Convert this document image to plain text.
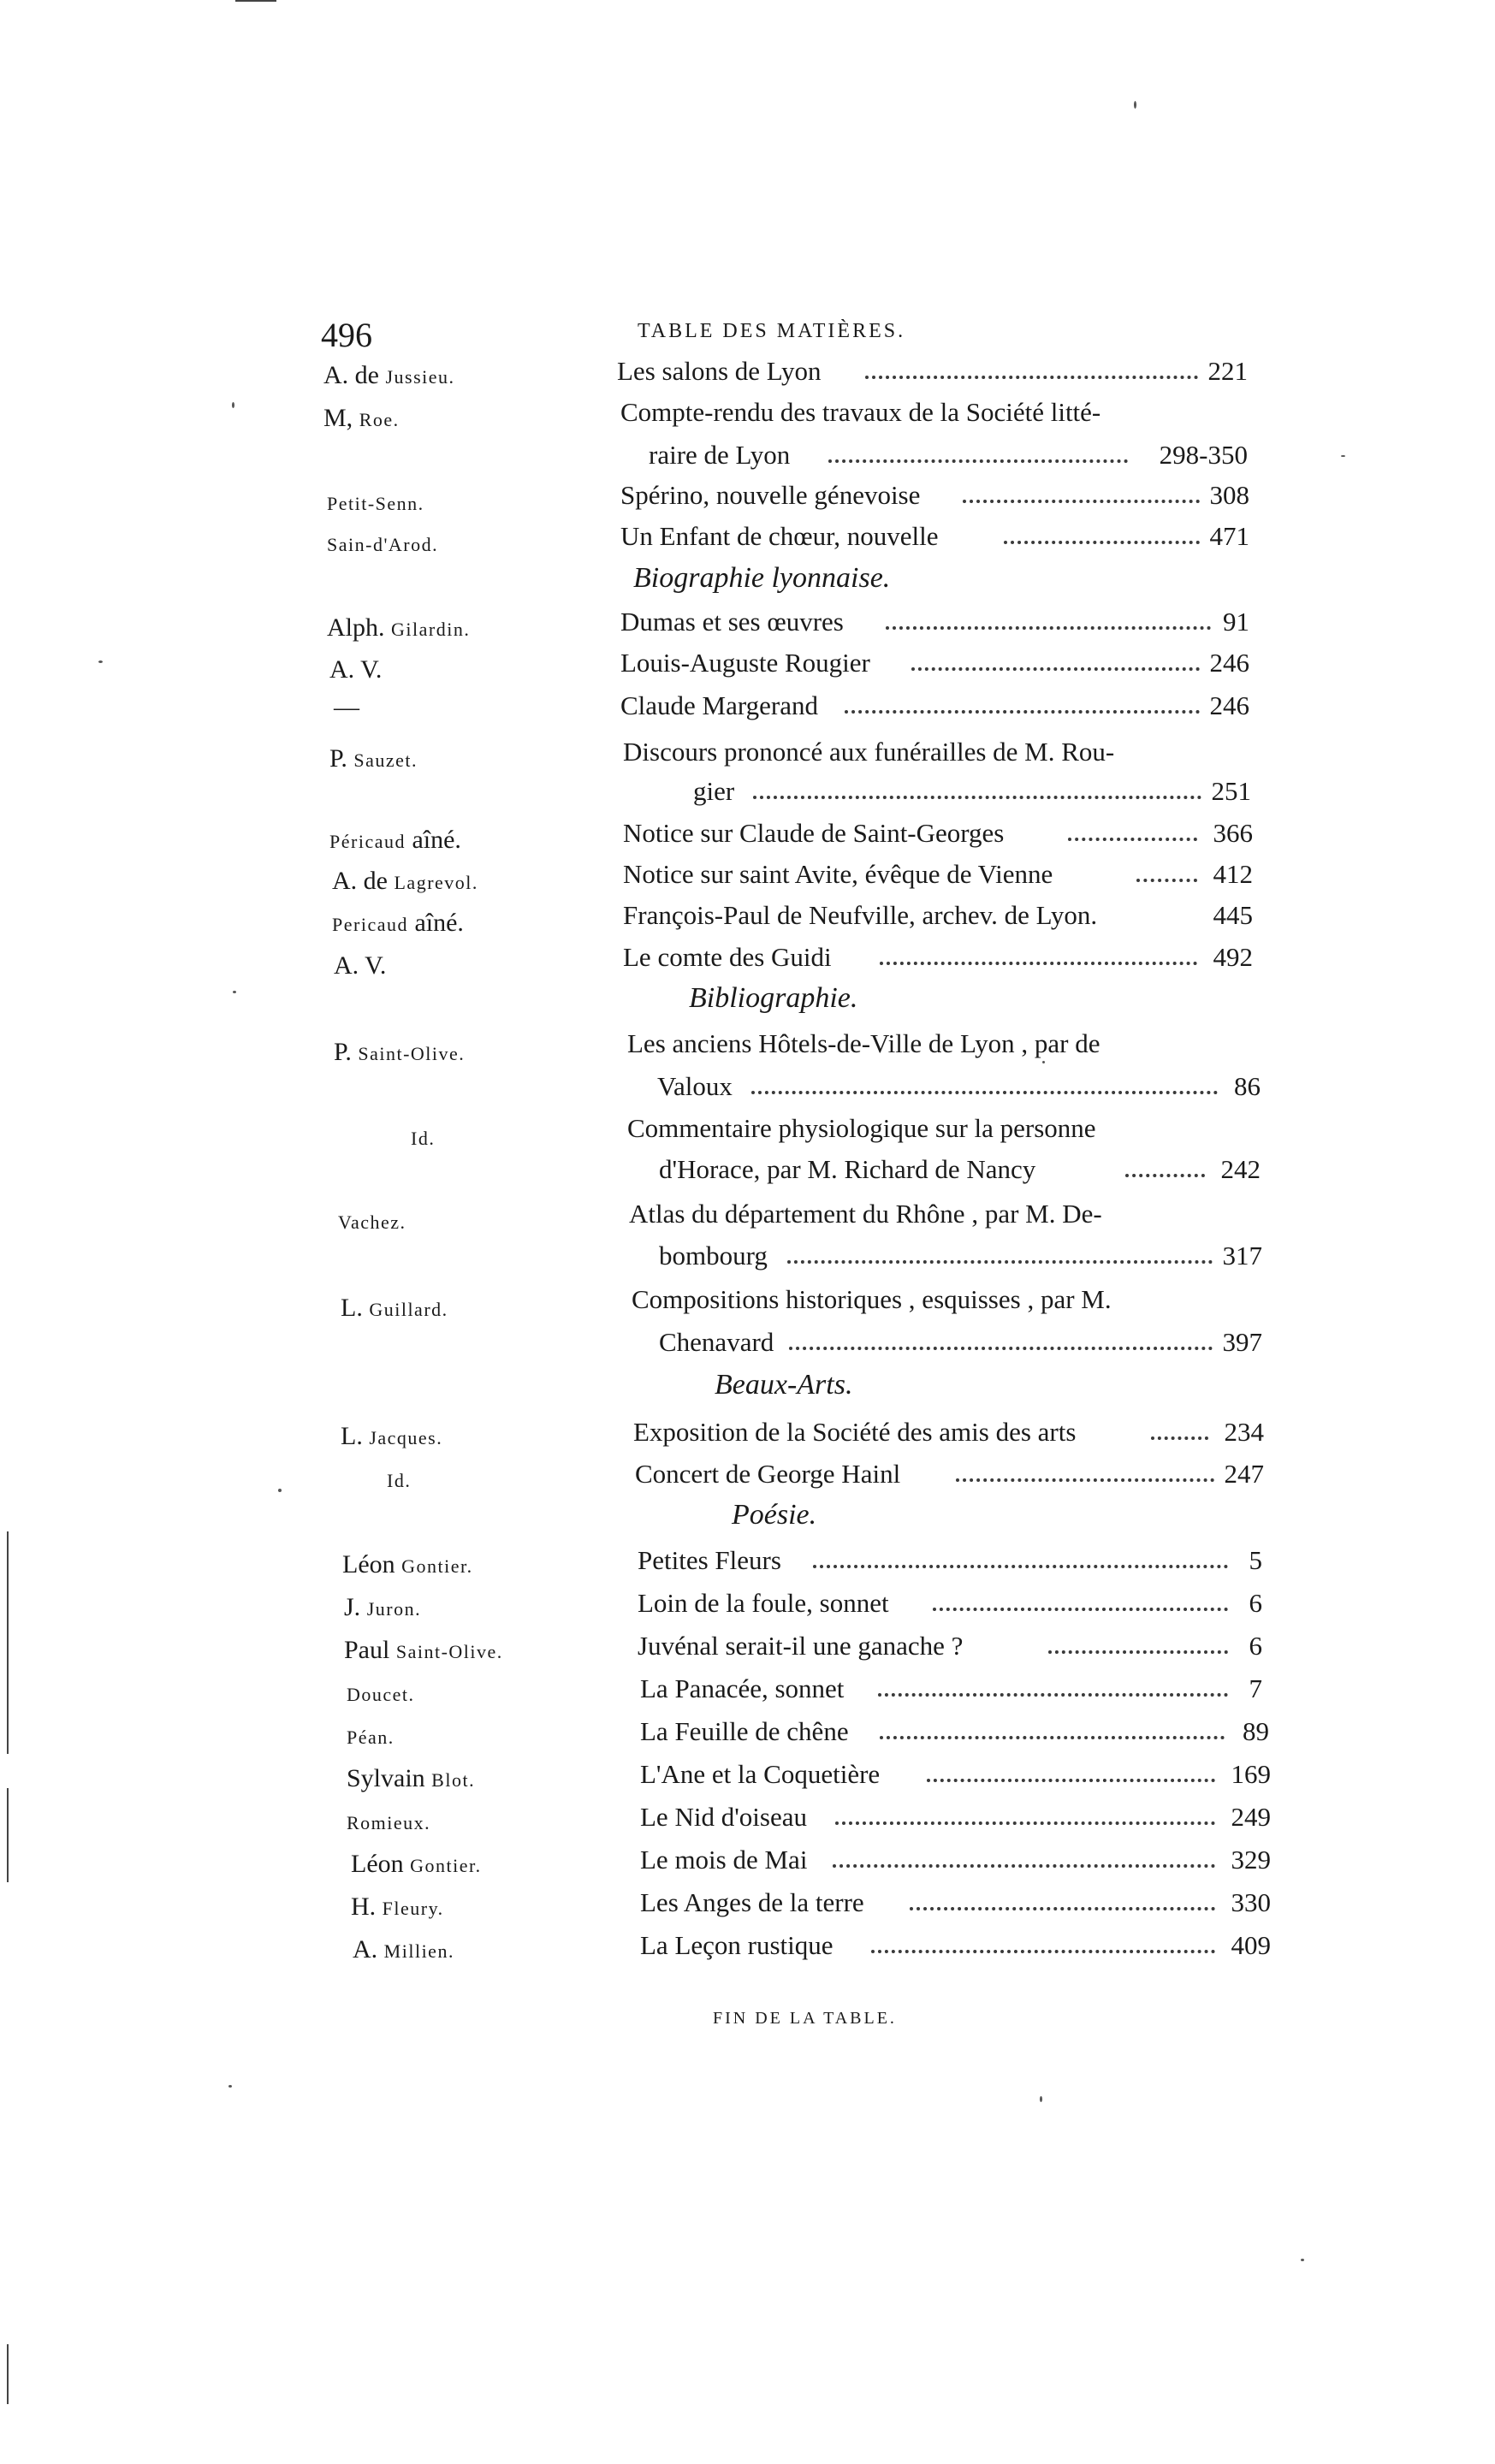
496	TABLE DES MATIÈRES.
A. de Jussieu.	Les salons de Lyon	221
M, Roe.	Compte-rendu des travaux de la Société litté-
raire de Lyon	298-350
Petit-Senn.	Spérino, nouvelle génevoise	308
Sain-d'Arod.	Un Enfant de chœur, nouvelle	471
Biographie lyonnaise.
Alph. Gilardin.	Dumas et ses œuvres	91
A. V.	Louis-Auguste Rougier	246
—	Claude Margerand	246
P. Sauzet.	Discours prononcé aux funérailles de M. Rou-
gier	251
Péricaud aîné.	Notice sur Claude de Saint-Georges	366
A. de Lagrevol.	Notice sur saint Avite, évêque de Vienne	412
Pericaud aîné.	François-Paul de Neufville, archev. de Lyon.	445
A. V.	Le comte des Guidi	492
Bibliographie.
P. Saint-Olive.	Les anciens Hôtels-de-Ville de Lyon , par de
Valoux	86
Id.	Commentaire physiologique sur la personne
d'Horace, par M. Richard de Nancy	242
Vachez.	Atlas du département du Rhône , par M. De-
bombourg	317
L. Guillard.	Compositions historiques , esquisses , par M.
Chenavard	397
Beaux-Arts.
L. Jacques.	Exposition de la Société des amis des arts	234
Id.	Concert de George Hainl	247
Poésie.
Léon Gontier.	Petites Fleurs	5
J. Juron.	Loin de la foule, sonnet	6
Paul Saint-Olive.	Juvénal serait-il une ganache ?	6
Doucet.	La Panacée, sonnet	7
Péan.	La Feuille de chêne	89
Sylvain Blot.	L'Ane et la Coquetière	169
Romieux.	Le Nid d'oiseau	249
Léon Gontier.	Le mois de Mai	329
H. Fleury.	Les Anges de la terre	330
A. Millien.	La Leçon rustique	409
FIN DE LA TABLE.
